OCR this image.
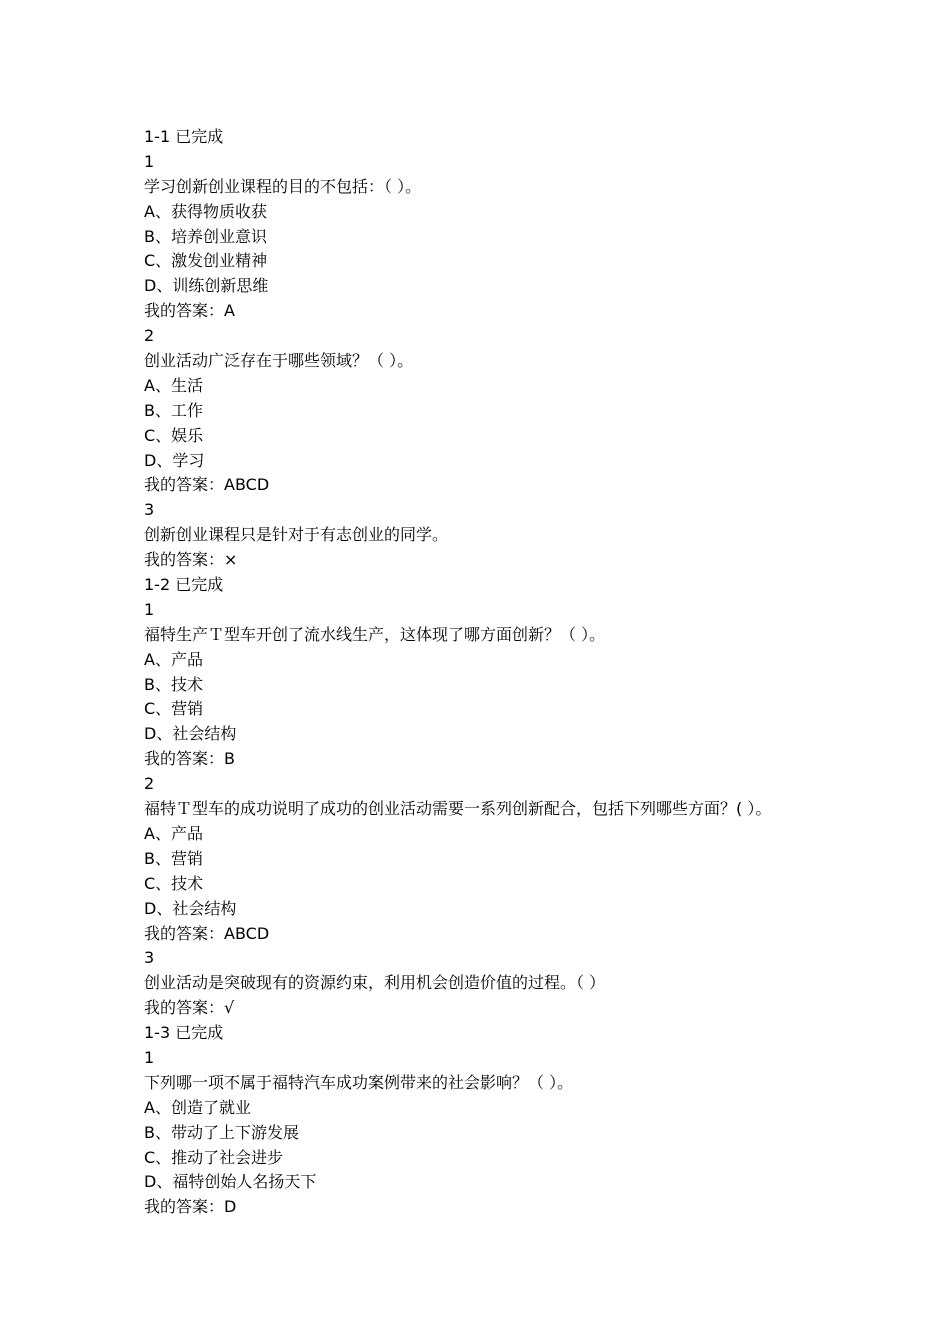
1-1 已完成
1
学习创新创业课程的目的不包括：（ ）。
A、获得物质收获
B、培养创业意识
C、激发创业精神
D、训练创新思维
我的答案：A
2
创业活动广泛存在于哪些领域？（ ）。
A、生活
B、工作
C、娱乐
D、学习
我的答案：ABCD
3
创新创业课程只是针对于有志创业的同学。
我的答案：×
1-2 已完成
1
福特生产Ｔ型车开创了流水线生产，这体现了哪方面创新？（ ）。
A、产品
B、技术
C、营销
D、社会结构
我的答案：B
2
福特Ｔ型车的成功说明了成功的创业活动需要一系列创新配合，包括下列哪些方面？( ）。
A、产品
B、营销
C、技术
D、社会结构
我的答案：ABCD
3
创业活动是突破现有的资源约束，利用机会创造价值的过程。（ ）
我的答案：√
1-3 已完成
1
下列哪一项不属于福特汽车成功案例带来的社会影响？（ ）。
A、创造了就业
B、带动了上下游发展
C、推动了社会进步
D、福特创始人名扬天下
我的答案：D
